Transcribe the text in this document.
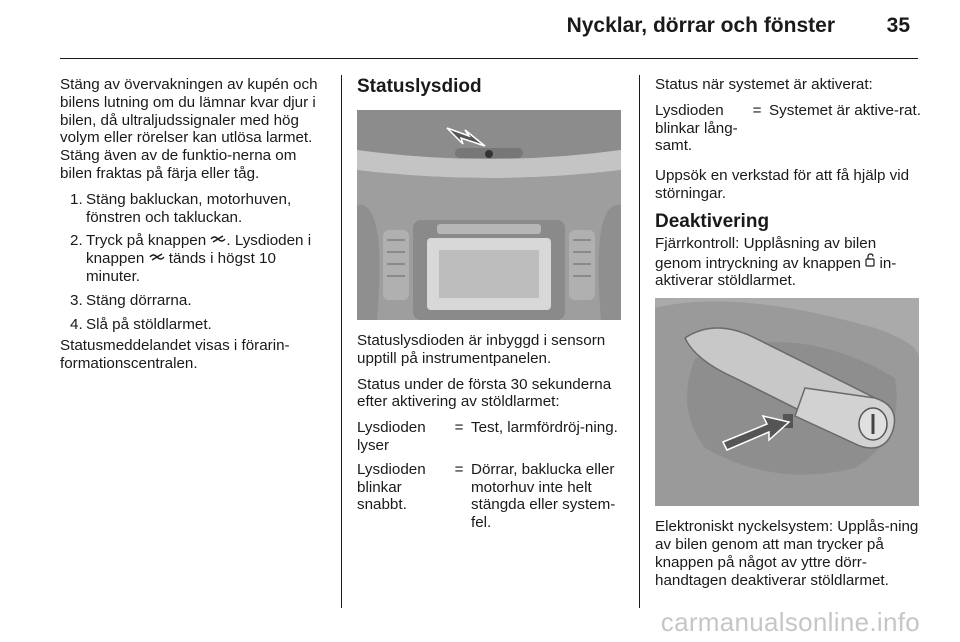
Nycklar, dörrar och fönster 35

Stäng av övervakningen av kupén och bilens lutning om du lämnar kvar djur i bilen, då ultraljudssignaler med hög volym eller rörelser kan utlösa larmet. Stäng även av de funktio-nerna om bilen fraktas på färja eller tåg.

1. Stäng bakluckan, motorhuven, fönstren och takluckan.
2. Tryck på knappen . Lysdioden i knappen  tänds i högst 10 minuter.
3. Stäng dörrarna.
4. Slå på stöldlarmet.

Statusmeddelandet visas i förarin-formationscentralen.

Statuslysdiod

Statuslysdioden är inbyggd i sensorn upptill på instrumentpanelen.

Status under de första 30 sekunderna efter aktivering av stöldlarmet:

Lysdioden lyser	=	Test, larmfördröj-ning.
Lysdioden blinkar snabbt.	=	Dörrar, baklucka eller motorhuv inte helt stängda eller system-fel.

Status när systemet är aktiverat:

Lysdioden blinkar lång-samt.	=	Systemet är aktive-rat.

Uppsök en verkstad för att få hjälp vid störningar.

Deaktivering

Fjärrkontroll: Upplåsning av bilen genom intryckning av knappen  in-aktiverar stöldlarmet.

Elektroniskt nyckelsystem: Upplås-ning av bilen genom att man trycker på knappen på något av yttre dörr-handtagen deaktiverar stöldlarmet.

carmanualsonline.info
